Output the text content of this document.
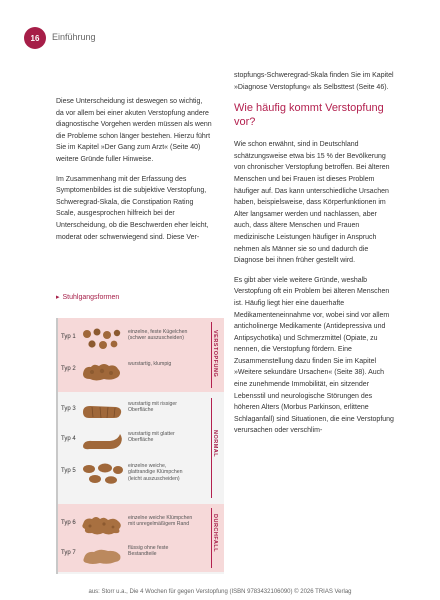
16	Einführung

Diese Unterscheidung ist deswegen so wichtig, da vor allem bei einer akuten Verstopfung andere diagnostische Vorgehen werden müssen als wenn die Probleme schon länger bestehen. Hierzu führt Sie im Kapitel »Der Gang zum Arzt« (Seite 40) weitere Gründe fuller Hinweise.

Im Zusammenhang mit der Erfassung des Symptomenbildes ist die subjektive Verstopfung, Schweregrad-Skala, die Constipation Rating Scale, ausgesprochen hilfreich bei der Unterscheidung, ob die Beschwerden eher leicht, moderat oder schwerwiegend sind. Diese Ver-

stopfungs-Schweregrad-Skala finden Sie im Kapitel »Diagnose Verstopfung« als Selbsttest (Seite 46).

Wie häufig kommt Verstopfung vor?

Wie schon erwähnt, sind in Deutschland schätzungsweise etwa bis 15 % der Bevölkerung von chronischer Verstopfung betroffen. Bei älteren Menschen und bei Frauen ist dieses Problem häufiger auf. Das kann unterschiedliche Ursachen haben, beispielsweise, dass Körperfunktionen im Alter langsamer werden und nachlassen, aber auch, dass ältere Menschen und Frauen medizinische Leistungen häufiger in Anspruch nehmen als Männer sie so und dadurch die Diagnose bei ihnen früher gestellt wird.

Es gibt aber viele weitere Gründe, weshalb Verstopfung oft ein Problem bei älteren Menschen ist. Häufig liegt hier eine dauerhafte Medikamenteneinnahme vor, wobei sind vor allem anticholinerge Medikamente (Antidepressiva und Antipsychotika) und Schmerzmittel (Opiate, zu nennen, die Verstopfung fördern. Eine Zusammenstellung dazu finden Sie im Kapitel »Weitere sekundäre Ursachen« (Seite 38). Auch eine zunehmende Immobilität, ein sitzender Lebensstil und neurologische Störungen des höheren Alters (Morbus Parkinson, erlittene Schlaganfall) sind Situationen, die eine Verstopfung verursachen oder verschlim-

▸ Stuhlgangsformen
Typ 1
einzelne, feste Kügelchen (schwer auszuscheiden)
Typ 2
wurstartig, klumpig
Typ 3
wurstartig mit rissiger Oberfläche
Typ 4
wurstartig mit glatter Oberfläche
Typ 5
einzelne weiche, glattrandige Klümpchen (leicht auszuscheiden)
Typ 6
einzelne weiche Klümpchen mit unregelmäßigem Rand
Typ 7
flüssig ohne feste Bestandteile
VERSTOPFUNG
NORMAL
DURCHFALL
aus: Storr u.a., Die 4 Wochen für gegen Verstopfung (ISBN 9783432106090) © 2026 TRIAS Verlag
